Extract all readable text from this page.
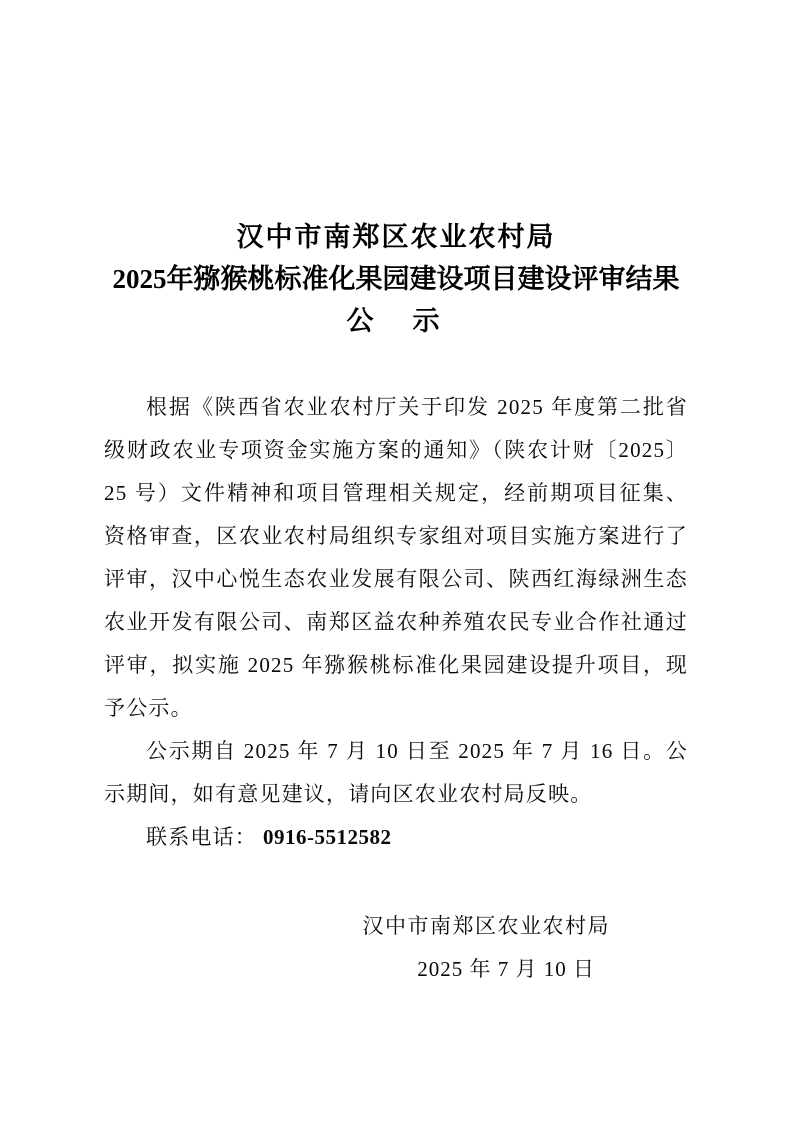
汉中市南郑区农业农村局
2025年猕猴桃标准化果园建设项目建设评审结果
公　示

根据《陕西省农业农村厅关于印发 2025 年度第二批省级财政农业专项资金实施方案的通知》（陕农计财〔2025〕25 号）文件精神和项目管理相关规定，经前期项目征集、资格审查，区农业农村局组织专家组对项目实施方案进行了评审，汉中心悦生态农业发展有限公司、陕西红海绿洲生态农业开发有限公司、南郑区益农种养殖农民专业合作社通过评审，拟实施 2025 年猕猴桃标准化果园建设提升项目，现予公示。

公示期自 2025 年 7 月 10 日至 2025 年 7 月 16 日。公示期间，如有意见建议，请向区农业农村局反映。

联系电话： 0916-5512582

汉中市南郑区农业农村局
2025 年 7 月 10 日
